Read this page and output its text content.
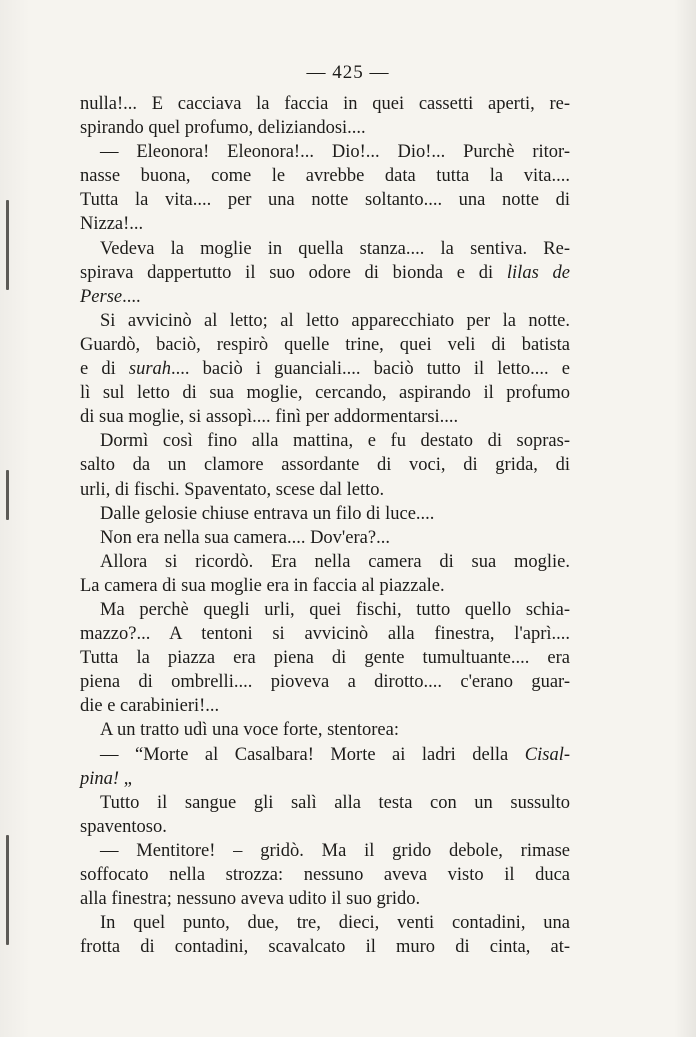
— 425 —
nulla!... E cacciava la faccia in quei cassetti aperti, re-
spirando quel profumo, deliziandosi....
— Eleonora! Eleonora!... Dio!... Dio!... Purchè ritor-
nasse buona, come le avrebbe data tutta la vita....
Tutta la vita.... per una notte soltanto.... una notte di
Nizza!...
Vedeva la moglie in quella stanza.... la sentiva. Re-
spirava dappertutto il suo odore di bionda e di lilas de
Perse....
Si avvicinò al letto; al letto apparecchiato per la notte.
Guardò, baciò, respirò quelle trine, quei veli di batista
e di surah.... baciò i guanciali.... baciò tutto il letto.... e
lì sul letto di sua moglie, cercando, aspirando il profumo
di sua moglie, si assopì.... finì per addormentarsi....
Dormì così fino alla mattina, e fu destato di sopras-
salto da un clamore assordante di voci, di grida, di
urli, di fischi. Spaventato, scese dal letto.
Dalle gelosie chiuse entrava un filo di luce....
Non era nella sua camera.... Dov'era?...
Allora si ricordò. Era nella camera di sua moglie.
La camera di sua moglie era in faccia al piazzale.
Ma perchè quegli urli, quei fischi, tutto quello schia-
mazzo?... A tentoni si avvicinò alla finestra, l'aprì....
Tutta la piazza era piena di gente tumultuante.... era
piena di ombrelli.... pioveva a dirotto.... c'erano guar-
die e carabinieri!...
A un tratto udì una voce forte, stentorea:
— “Morte al Casalbara! Morte ai ladri della Cisal-
pina! „
Tutto il sangue gli salì alla testa con un sussulto
spaventoso.
— Mentitore! – gridò. Ma il grido debole, rimase
soffocato nella strozza: nessuno aveva visto il duca
alla finestra; nessuno aveva udito il suo grido.
In quel punto, due, tre, dieci, venti contadini, una
frotta di contadini, scavalcato il muro di cinta, at-
